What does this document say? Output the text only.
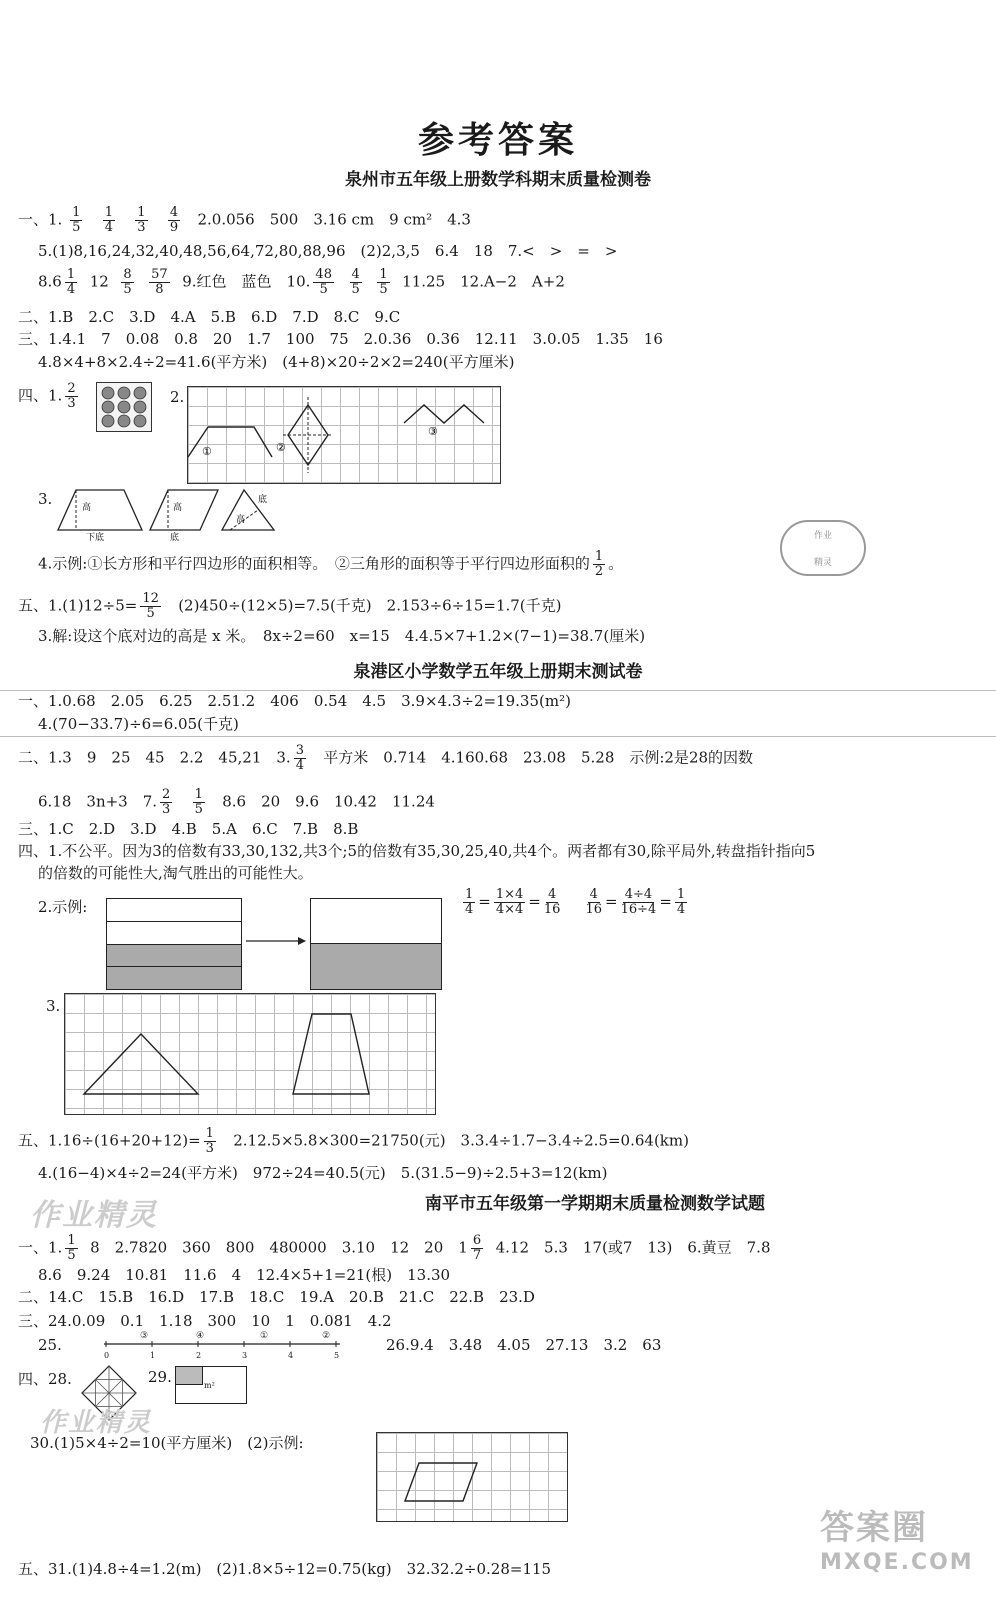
参考答案
泉州市五年级上册数学科期末质量检测卷
一、1. $\frac{1}{5}$
$\frac{1}{4}$
$\frac{1}{3}$
$\frac{4}{9} 2.0.056$　500　3.16 cm　9 cm²　4.3
5.(1)8,16,24,32,40,48,56,64,72,80,88,96　(2)2,3,5　6.4　18　7.<　>　=　>
$8.6 \frac{1}{4} 12 \frac{8}{5}$
$\frac{57}{8} 9$.红色　蓝色　10. $\frac{48}{5}$
$\frac{4}{5}$
$\frac{1}{5} 11.25$　12.A−2　A+2
二、1.B　2.C　3.D　4.A　5.B　6.D　7.D　8.C　9.C
三、1.4.1　7　0.08　0.8　20　1.7　100　75　2.0.36　0.36　12.11　3.0.05　1.35　16
4.8×4+8×2.4÷2=41.6(平方米)　(4+8)×20÷2×2=240(平方厘米)
四、1. $\frac{2}{3}$	2.
①	②
③
3.	高
下底
高
底
底
高
4.示例:①长方形和平行四边形的面积相等。　②三角形的面积等于平行四边形面积的 $\frac{1}{2}$ 。
作业
精灵
五、$1.(1)12\div 5= \frac{12}{5} (2)450\div(12\times 5)=7.5$(千克)　2.153÷6÷15=1.7(千克)
3.解:设这个底对边的高是 x 米。　8x÷2=60　x=15　4.4.5×7+1.2×(7−1)=38.7(厘米)
泉港区小学数学五年级上册期末测试卷
一、1.0.68　2.05　6.25　2.51.2　406　0.54　4.5　3.9×4.3÷2=19.35(m²)
4.(70−33.7)÷6=6.05(千克)
二、1.3　9　25　45　2.2　45,21　3. $\frac{3}{4}$ 平方米　0.714　4.160.68　23.08　5.28　示例:2是28的因数
6.18　3n+3　7. $\frac{2}{3}$
$\frac{1}{5} 8.6$　20　9.6　10.42　11.24
三、1.C　2.D　3.D　4.B　5.A　6.C　7.B　8.B
四、1.不公平。因为3的倍数有33,30,132,共3个;5的倍数有35,30,25,40,共4个。两者都有30,除平局外,转盘指针指向5
的倍数的可能性大,淘气胜出的可能性大。
2.示例:	$\frac{1}{4} = \frac{1\times 4}{4\times 4} = \frac{4}{16}$
$\frac{4}{16} = \frac{4\div 4}{16\div 4} = \frac{1}{4}$
3.
五、$1.16\div(16+20+12)= \frac{1}{3} 2.12.5\times 5.8\times 300=21750$(元)　3.3.4÷1.7−3.4÷2.5=0.64(km)
4.(16−4)×4÷2=24(平方米)　972÷24=40.5(元)　5.(31.5−9)÷2.5+3=12(km)
南平市五年级第一学期期末质量检测数学试题
作业精灵
一、1. $\frac{1}{5} 8$　2.7820　360　800　480000　3.10　12　20　$1 \frac{6}{7} 4.12$　5.3　17(或7　13)　6.黄豆　7.8
8.6　9.24　10.81　11.6　4　12.4×5+1=21(根)　13.30
二、14.C　15.B　16.D　17.B　18.C　19.A　20.B　21.C　22.B　23.D
三、24.0.09　0.1　1.18　300　10　1　0.081　4.2
25.
0	1	2	3	4	5
③	④	①	②	26.9.4　3.48　4.05　27.13　3.2　63
四、28.	29.	m²
作业精灵
30.(1)5×4÷2=10(平方厘米)　(2)示例:
五、31.(1)4.8÷4=1.2(m)　(2)1.8×5÷12=0.75(kg)　32.32.2÷0.28=115
答案圈
MXQE.COM
